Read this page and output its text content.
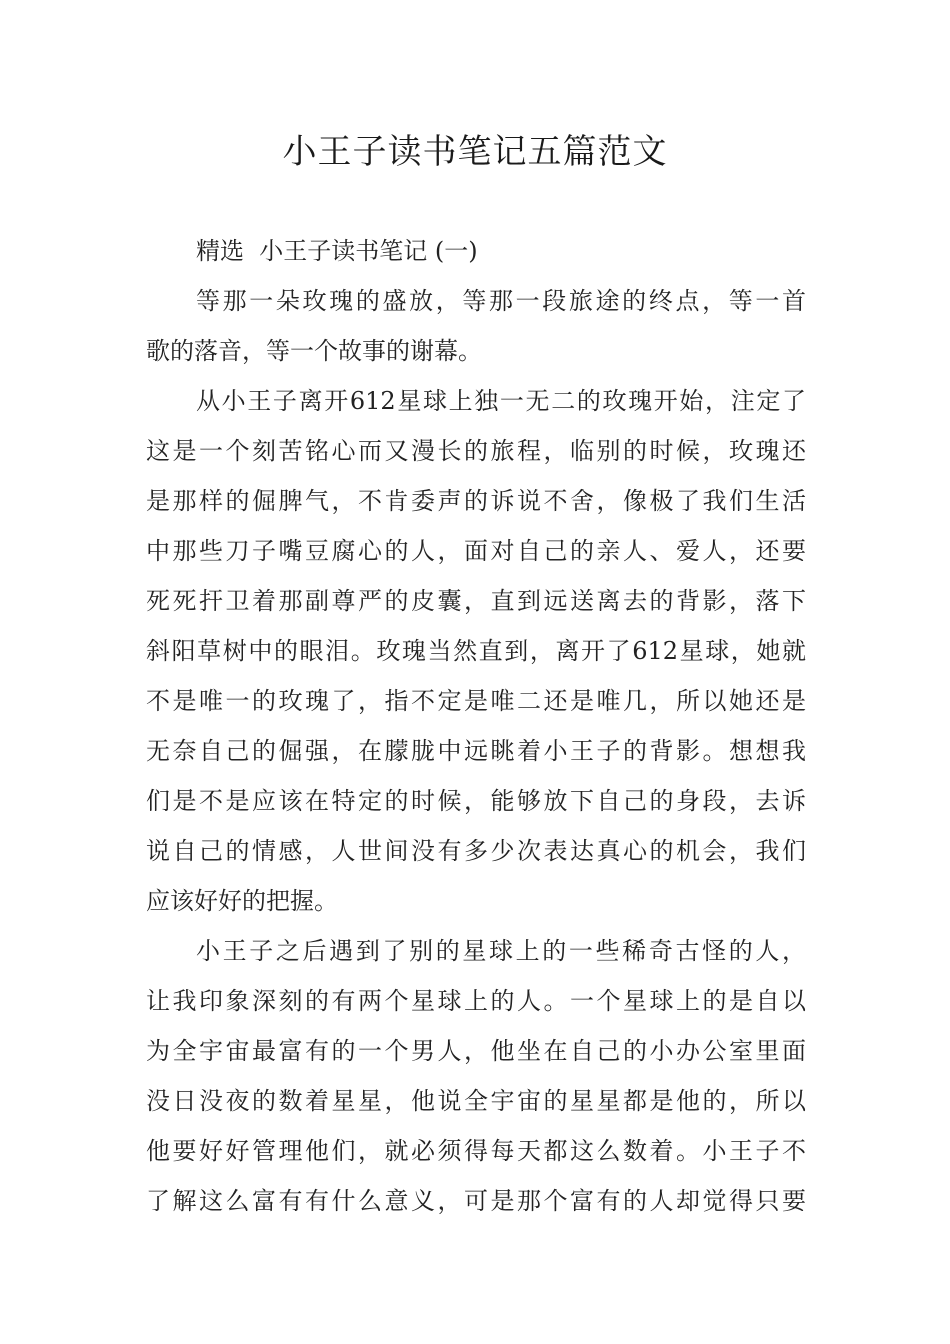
小王子读书笔记五篇范文
精选  小王子读书笔记 (一)
等那一朵玫瑰的盛放，等那一段旅途的终点，等一首
歌的落音，等一个故事的谢幕。
从小王子离开612星球上独一无二的玫瑰开始，注定了
这是一个刻苦铭心而又漫长的旅程，临别的时候，玫瑰还
是那样的倔脾气，不肯委声的诉说不舍，像极了我们生活
中那些刀子嘴豆腐心的人，面对自己的亲人、爱人，还要
死死扞卫着那副尊严的皮囊，直到远送离去的背影，落下
斜阳草树中的眼泪。玫瑰当然直到，离开了612星球，她就
不是唯一的玫瑰了，指不定是唯二还是唯几，所以她还是
无奈自己的倔强，在朦胧中远眺着小王子的背影。想想我
们是不是应该在特定的时候，能够放下自己的身段，去诉
说自己的情感，人世间没有多少次表达真心的机会，我们
应该好好的把握。
小王子之后遇到了别的星球上的一些稀奇古怪的人，
让我印象深刻的有两个星球上的人。一个星球上的是自以
为全宇宙最富有的一个男人，他坐在自己的小办公室里面
没日没夜的数着星星，他说全宇宙的星星都是他的，所以
他要好好管理他们，就必须得每天都这么数着。小王子不
了解这么富有有什么意义，可是那个富有的人却觉得只要
